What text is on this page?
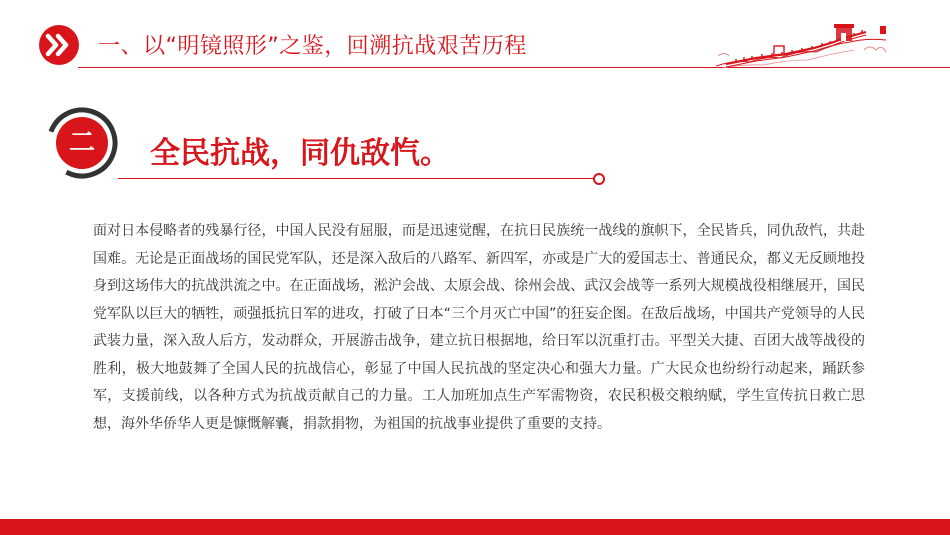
一、以“明镜照形”之鉴，回溯抗战艰苦历程
二 全民抗战，同仇敌忾。

面对日本侵略者的残暴行径，中国人民没有屈服，而是迅速觉醒，在抗日民族统一战线的旗帜下，全民皆兵，同仇敌忾，共赴国难。无论是正面战场的国民党军队，还是深入敌后的八路军、新四军，亦或是广大的爱国志士、普通民众，都义无反顾地投身到这场伟大的抗战洪流之中。在正面战场，淞沪会战、太原会战、徐州会战、武汉会战等一系列大规模战役相继展开，国民党军队以巨大的牺牲，顽强抵抗日军的进攻，打破了日本“三个月灭亡中国”的狂妄企图。在敌后战场，中国共产党领导的人民武装力量，深入敌人后方，发动群众，开展游击战争，建立抗日根据地，给日军以沉重打击。平型关大捷、百团大战等战役的胜利，极大地鼓舞了全国人民的抗战信心，彰显了中国人民抗战的坚定决心和强大力量。广大民众也纷纷行动起来，踊跃参军，支援前线，以各种方式为抗战贡献自己的力量。工人加班加点生产军需物资，农民积极交粮纳赋，学生宣传抗日救亡思想，海外华侨华人更是慷慨解囊，捐款捐物，为祖国的抗战事业提供了重要的支持。
